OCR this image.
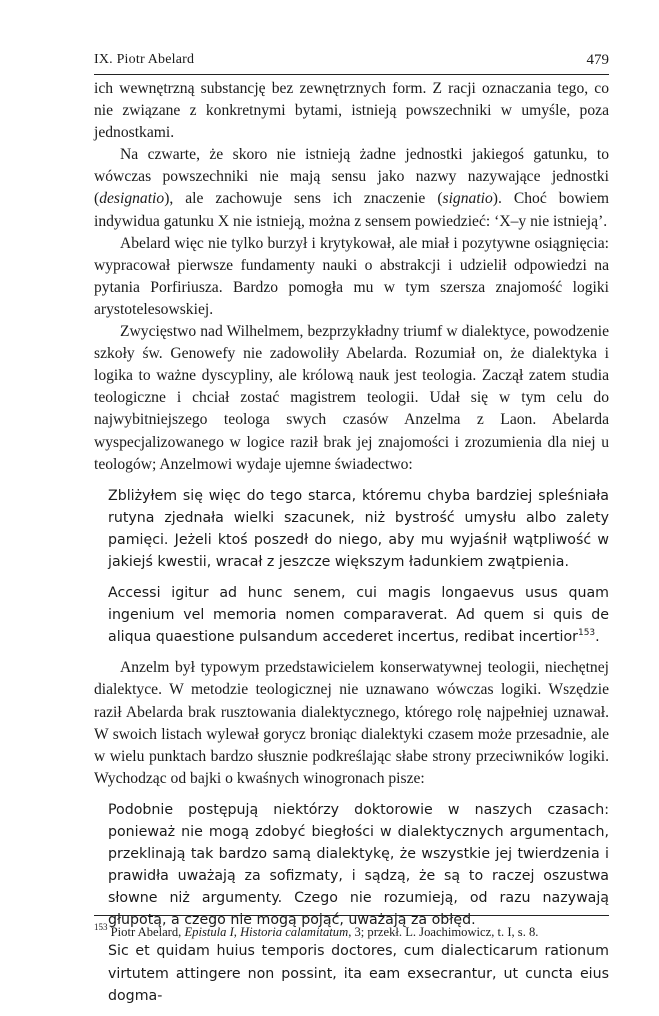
IX. Piotr Abelard	479

ich wewnętrzną substancję bez zewnętrznych form. Z racji oznaczania tego, co nie związane z konkretnymi bytami, istnieją powszechniki w umyśle, poza jednostkami.

Na czwarte, że skoro nie istnieją żadne jednostki jakiegoś gatunku, to wówczas powszechniki nie mają sensu jako nazwy nazywające jednostki (designatio), ale zachowuje sens ich znaczenie (signatio). Choć bowiem indywidua gatunku X nie istnieją, można z sensem powiedzieć: ‘X–y nie istnieją’.

Abelard więc nie tylko burzył i krytykował, ale miał i pozytywne osiągnięcia: wypracował pierwsze fundamenty nauki o abstrakcji i udzielił odpowiedzi na pytania Porfiriusza. Bardzo pomogła mu w tym szersza znajomość logiki arystotelesowskiej.

Zwycięstwo nad Wilhelmem, bezprzykładny triumf w dialektyce, powodzenie szkoły św. Genowefy nie zadowoliły Abelarda. Rozumiał on, że dialektyka i logika to ważne dyscypliny, ale królową nauk jest teologia. Zaczął zatem studia teologiczne i chciał zostać magistrem teologii. Udał się w tym celu do najwybitniejszego teologa swych czasów Anzelma z Laon. Abelarda wyspecjalizowanego w logice raził brak jej znajomości i zrozumienia dla niej u teologów; Anzelmowi wydaje ujemne świadectwo:

Zbliżyłem się więc do tego starca, któremu chyba bardziej spleśniała rutyna zjednała wielki szacunek, niż bystrość umysłu albo zalety pamięci. Jeżeli ktoś poszedł do niego, aby mu wyjaśnił wątpliwość w jakiejś kwestii, wracał z jeszcze większym ładunkiem zwątpienia.

Accessi igitur ad hunc senem, cui magis longaevus usus quam ingenium vel memoria nomen comparaverat. Ad quem si quis de aliqua quaestione pulsandum accederet incertus, redibat incertior$^{153}$.

Anzelm był typowym przedstawicielem konserwatywnej teologii, niechętnej dialektyce. W metodzie teologicznej nie uznawano wówczas logiki. Wszędzie raził Abelarda brak rusztowania dialektycznego, którego rolę najpełniej uznawał. W swoich listach wylewał gorycz broniąc dialektyki czasem może przesadnie, ale w wielu punktach bardzo słusznie podkreślając słabe strony przeciwników logiki. Wychodząc od bajki o kwaśnych winogronach pisze:

Podobnie postępują niektórzy doktorowie w naszych czasach: ponieważ nie mogą zdobyć biegłości w dialektycznych argumentach, przeklinają tak bardzo samą dialektykę, że wszystkie jej twierdzenia i prawidła uważają za sofizmaty, i sądzą, że są to raczej oszustwa słowne niż argumenty. Czego nie rozumieją, od razu nazywają głupotą, a czego nie mogą pojąć, uważają za obłęd.

Sic et quidam huius temporis doctores, cum dialecticarum rationum virtutem attingere non possint, ita eam exsecrantur, ut cuncta eius dogma-

$^{153}$ Piotr Abelard, Epistula I, Historia calamitatum, 3; przekł. L. Joachimowicz, t. I, s. 8.
